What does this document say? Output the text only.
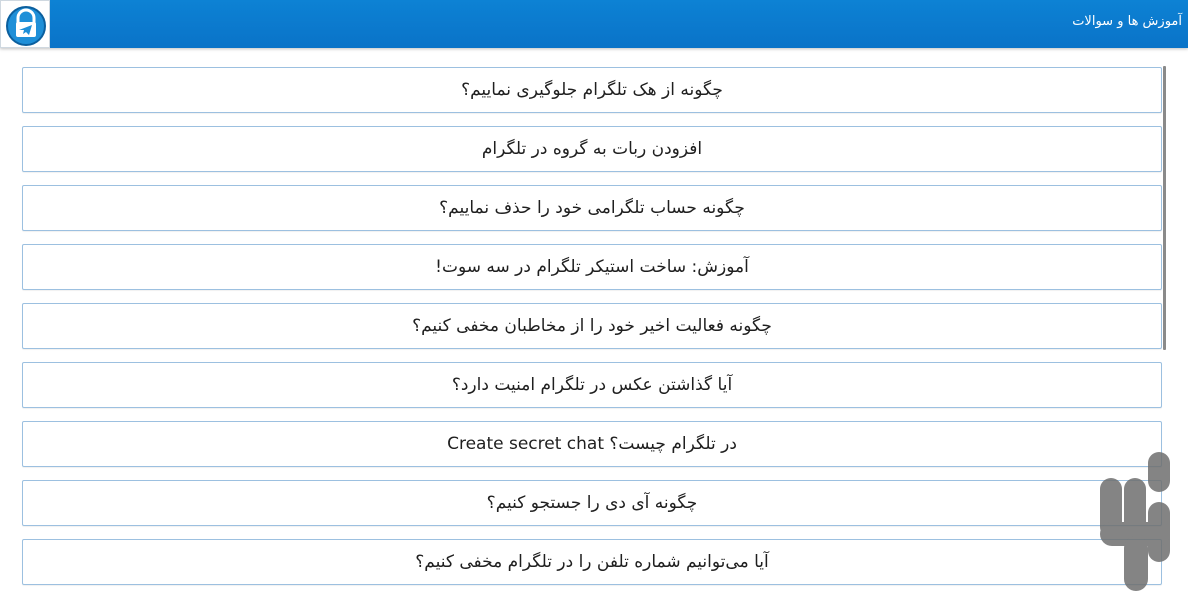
آموزش ها و سوالات
چگونه از هک تلگرام جلوگیری نماییم؟
افزودن ربات به گروه در تلگرام
چگونه حساب تلگرامی خود را حذف نماییم؟
آموزش: ساخت استیکر تلگرام در سه سوت!
چگونه فعالیت اخیر خود را از مخاطبان مخفی کنیم؟
آیا گذاشتن عکس در تلگرام امنیت دارد؟
در تلگرام چیست؟ Create secret chat
چگونه آی دی را جستجو کنیم؟
آیا می‌توانیم شماره تلفن را در تلگرام مخفی کنیم؟
